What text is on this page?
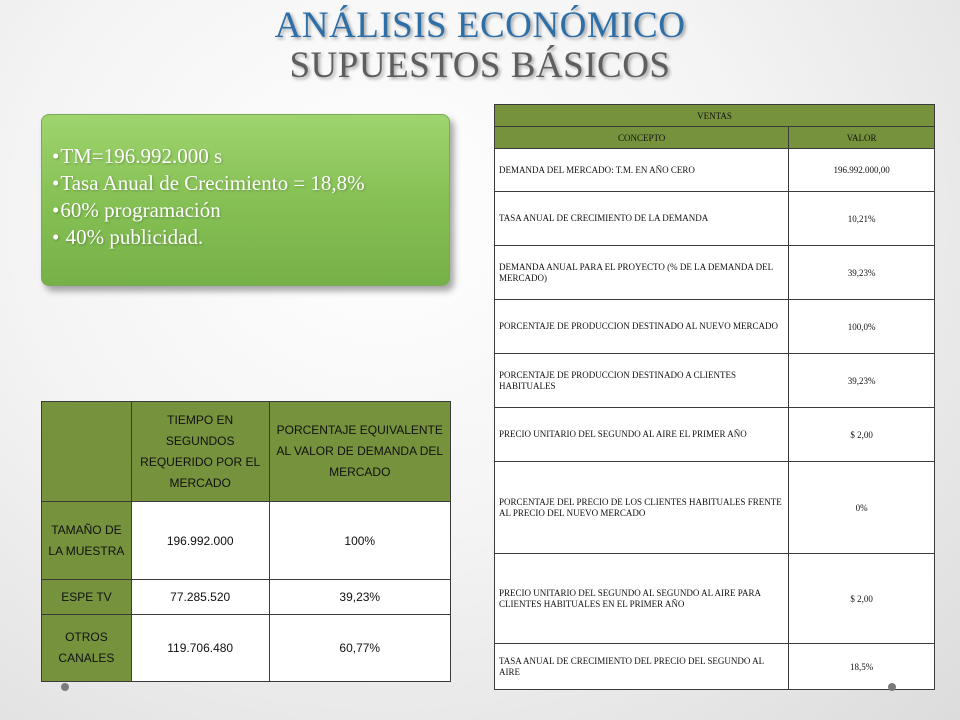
ANÁLISIS ECONÓMICO
SUPUESTOS BÁSICOS
• TM=196.992.000 s
• Tasa Anual de Crecimiento = 18,8%
• 60% programación
• 40% publicidad.
	TIEMPO EN SEGUNDOS REQUERIDO POR EL MERCADO	PORCENTAJE EQUIVALENTE AL VALOR DE DEMANDA DEL MERCADO
TAMAÑO DE LA MUESTRA	196.992.000	100%
ESPE TV	77.285.520	39,23%
OTROS CANALES	119.706.480	60,77%
VENTAS	
CONCEPTO	VALOR
DEMANDA DEL MERCADO: T.M. EN AÑO CERO	196.992.000,00
TASA ANUAL DE CRECIMIENTO DE LA DEMANDA	10,21%
DEMANDA ANUAL PARA EL PROYECTO (% DE LA DEMANDA DEL MERCADO)	39,23%
PORCENTAJE DE PRODUCCION DESTINADO AL NUEVO MERCADO	100,0%
PORCENTAJE DE PRODUCCION DESTINADO A CLIENTES HABITUALES	39,23%
PRECIO UNITARIO DEL SEGUNDO AL AIRE EL PRIMER AÑO	$ 2,00
PORCENTAJE DEL PRECIO DE LOS CLIENTES HABITUALES FRENTE AL PRECIO DEL NUEVO MERCADO	0%
PRECIO UNITARIO DEL SEGUNDO AL SEGUNDO AL AIRE PARA CLIENTES HABITUALES EN EL PRIMER AÑO	$ 2,00
TASA ANUAL DE CRECIMIENTO DEL PRECIO DEL SEGUNDO AL AIRE	18,5%
